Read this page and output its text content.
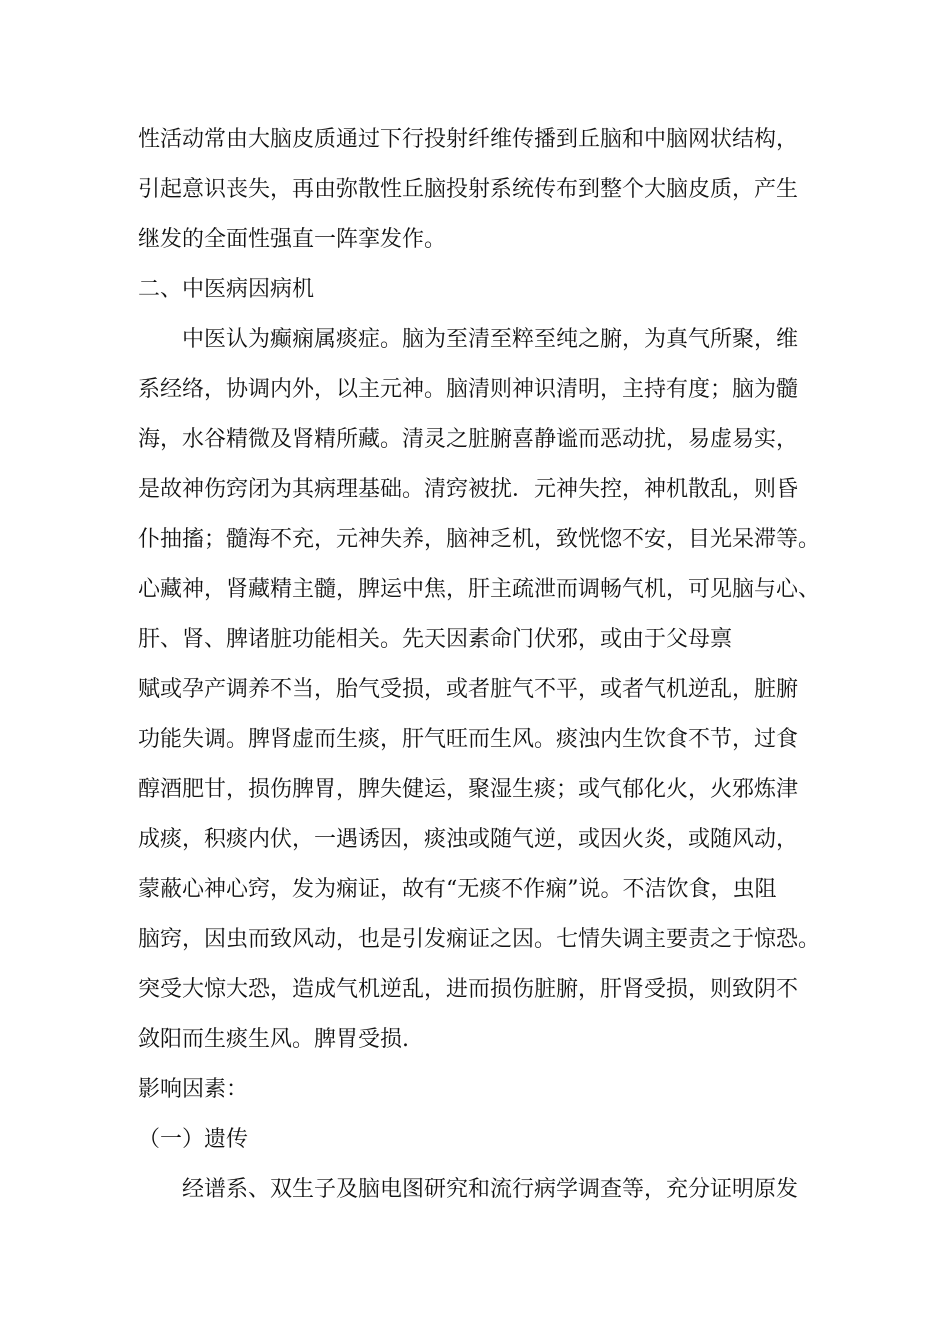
性活动常由大脑皮质通过下行投射纤维传播到丘脑和中脑网状结构，
引起意识丧失，再由弥散性丘脑投射系统传布到整个大脑皮质，产生
继发的全面性强直一阵挛发作。
二、中医病因病机
中医认为癫痫属痰症。脑为至清至粹至纯之腑，为真气所聚，维
系经络，协调内外，以主元神。脑清则神识清明，主持有度；脑为髓
海，水谷精微及肾精所藏。清灵之脏腑喜静谧而恶动扰，易虚易实，
是故神伤窍闭为其病理基础。清窍被扰．元神失控，神机散乱，则昏
仆抽搐；髓海不充，元神失养，脑神乏机，致恍惚不安，目光呆滞等。
心藏神，肾藏精主髓，脾运中焦，肝主疏泄而调畅气机，可见脑与心、
肝、肾、脾诸脏功能相关。先天因素命门伏邪，或由于父母禀
赋或孕产调养不当，胎气受损，或者脏气不平，或者气机逆乱，脏腑
功能失调。脾肾虚而生痰，肝气旺而生风。痰浊内生饮食不节，过食
醇酒肥甘，损伤脾胃，脾失健运，聚湿生痰；或气郁化火，火邪炼津
成痰，积痰内伏，一遇诱因，痰浊或随气逆，或因火炎，或随风动，
蒙蔽心神心窍，发为痫证，故有“无痰不作痫”说。不洁饮食，虫阻
脑窍，因虫而致风动，也是引发痫证之因。七情失调主要责之于惊恐。
突受大惊大恐，造成气机逆乱，进而损伤脏腑，肝肾受损，则致阴不
敛阳而生痰生风。脾胃受损.
影响因素：
（一）遗传
经谱系、双生子及脑电图研究和流行病学调查等，充分证明原发
